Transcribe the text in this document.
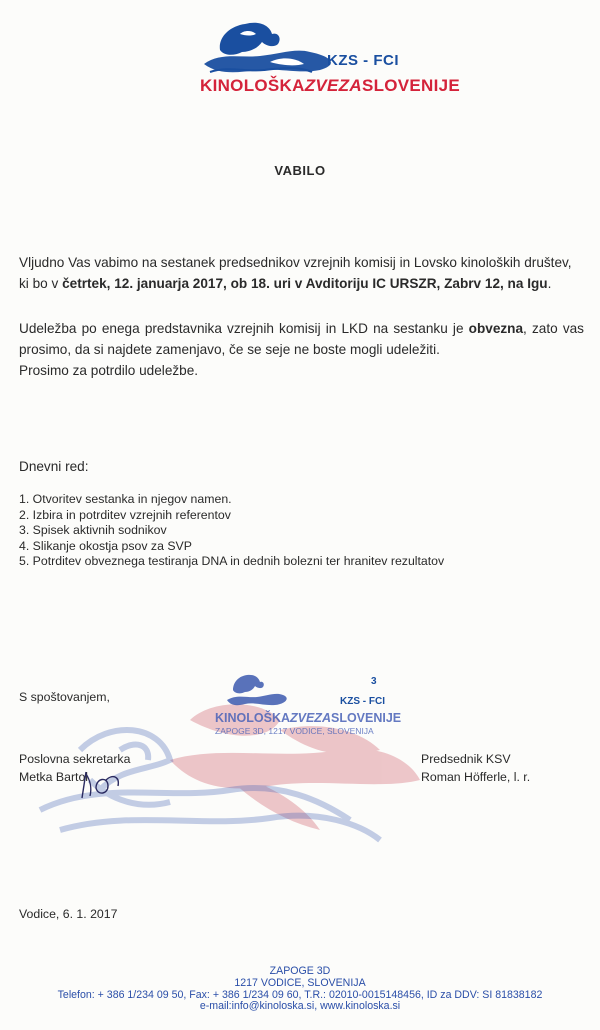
KZS - FCI
KINOLOŠKAZVEZASLOVENIJE
VABILO
Vljudno Vas vabimo na sestanek predsednikov vzrejnih komisij in Lovsko kinoloških društev,
ki bo v četrtek, 12. januarja 2017, ob 18. uri v Avditoriju IC URSZR, Zabrv 12, na Igu.
Udeležba po enega predstavnika vzrejnih komisij in LKD na sestanku je obvezna, zato vas prosimo, da si najdete zamenjavo, če se seje ne boste mogli udeležiti.
Prosimo za potrdilo udeležbe.
Dnevni red:
1. Otvoritev sestanka in njegov namen.
2. Izbira in potrditev vzrejnih referentov
3. Spisek aktivnih sodnikov
4. Slikanje okostja psov za SVP
5. Potrditev obveznega testiranja DNA in dednih bolezni ter hranitev rezultatov
3
KZS - FCI
KINOLOŠKAZVEZASLOVENIJE
ZAPOGE 3D, 1217 VODICE, SLOVENIJA
S spoštovanjem,
Poslovna sekretarka
Metka Bartol
Predsednik KSV
Roman Höfferle, l. r.
Vodice, 6. 1. 2017
ZAPOGE 3D
1217 VODICE, SLOVENIJA
Telefon: + 386 1/234 09 50, Fax: + 386 1/234 09 60, T.R.: 02010-0015148456, ID za DDV: SI 81838182
e-mail:info@kinoloska.si, www.kinoloska.si
